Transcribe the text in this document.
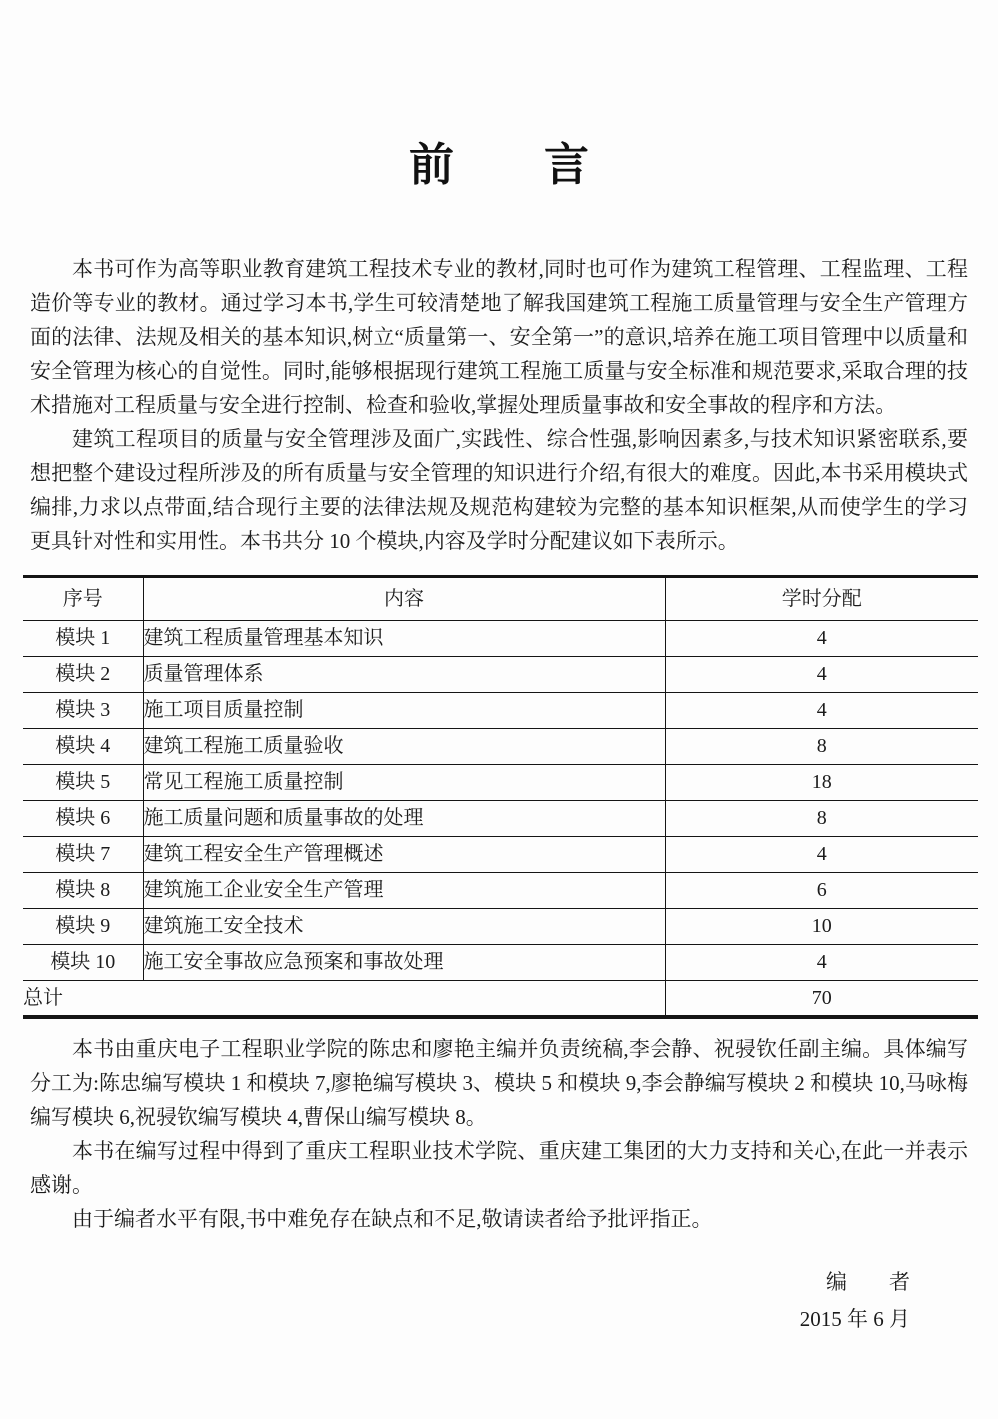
前　　言

本书可作为高等职业教育建筑工程技术专业的教材,同时也可作为建筑工程管理、工程监理、工程造价等专业的教材。通过学习本书,学生可较清楚地了解我国建筑工程施工质量管理与安全生产管理方面的法律、法规及相关的基本知识,树立“质量第一、安全第一”的意识,培养在施工项目管理中以质量和安全管理为核心的自觉性。同时,能够根据现行建筑工程施工质量与安全标准和规范要求,采取合理的技术措施对工程质量与安全进行控制、检查和验收,掌握处理质量事故和安全事故的程序和方法。

建筑工程项目的质量与安全管理涉及面广,实践性、综合性强,影响因素多,与技术知识紧密联系,要想把整个建设过程所涉及的所有质量与安全管理的知识进行介绍,有很大的难度。因此,本书采用模块式编排,力求以点带面,结合现行主要的法律法规及规范构建较为完整的基本知识框架,从而使学生的学习更具针对性和实用性。本书共分 10 个模块,内容及学时分配建议如下表所示。

序号	内容	学时分配
模块 1	建筑工程质量管理基本知识	4
模块 2	质量管理体系	4
模块 3	施工项目质量控制	4
模块 4	建筑工程施工质量验收	8
模块 5	常见工程施工质量控制	18
模块 6	施工质量问题和质量事故的处理	8
模块 7	建筑工程安全生产管理概述	4
模块 8	建筑施工企业安全生产管理	6
模块 9	建筑施工安全技术	10
模块 10	施工安全事故应急预案和事故处理	4
总计		70

本书由重庆电子工程职业学院的陈忠和廖艳主编并负责统稿,李会静、祝骎钦任副主编。具体编写分工为:陈忠编写模块 1 和模块 7,廖艳编写模块 3、模块 5 和模块 9,李会静编写模块 2 和模块 10,马咏梅编写模块 6,祝骎钦编写模块 4,曹保山编写模块 8。

本书在编写过程中得到了重庆工程职业技术学院、重庆建工集团的大力支持和关心,在此一并表示感谢。

由于编者水平有限,书中难免存在缺点和不足,敬请读者给予批评指正。

编　　者
2015 年 6 月
